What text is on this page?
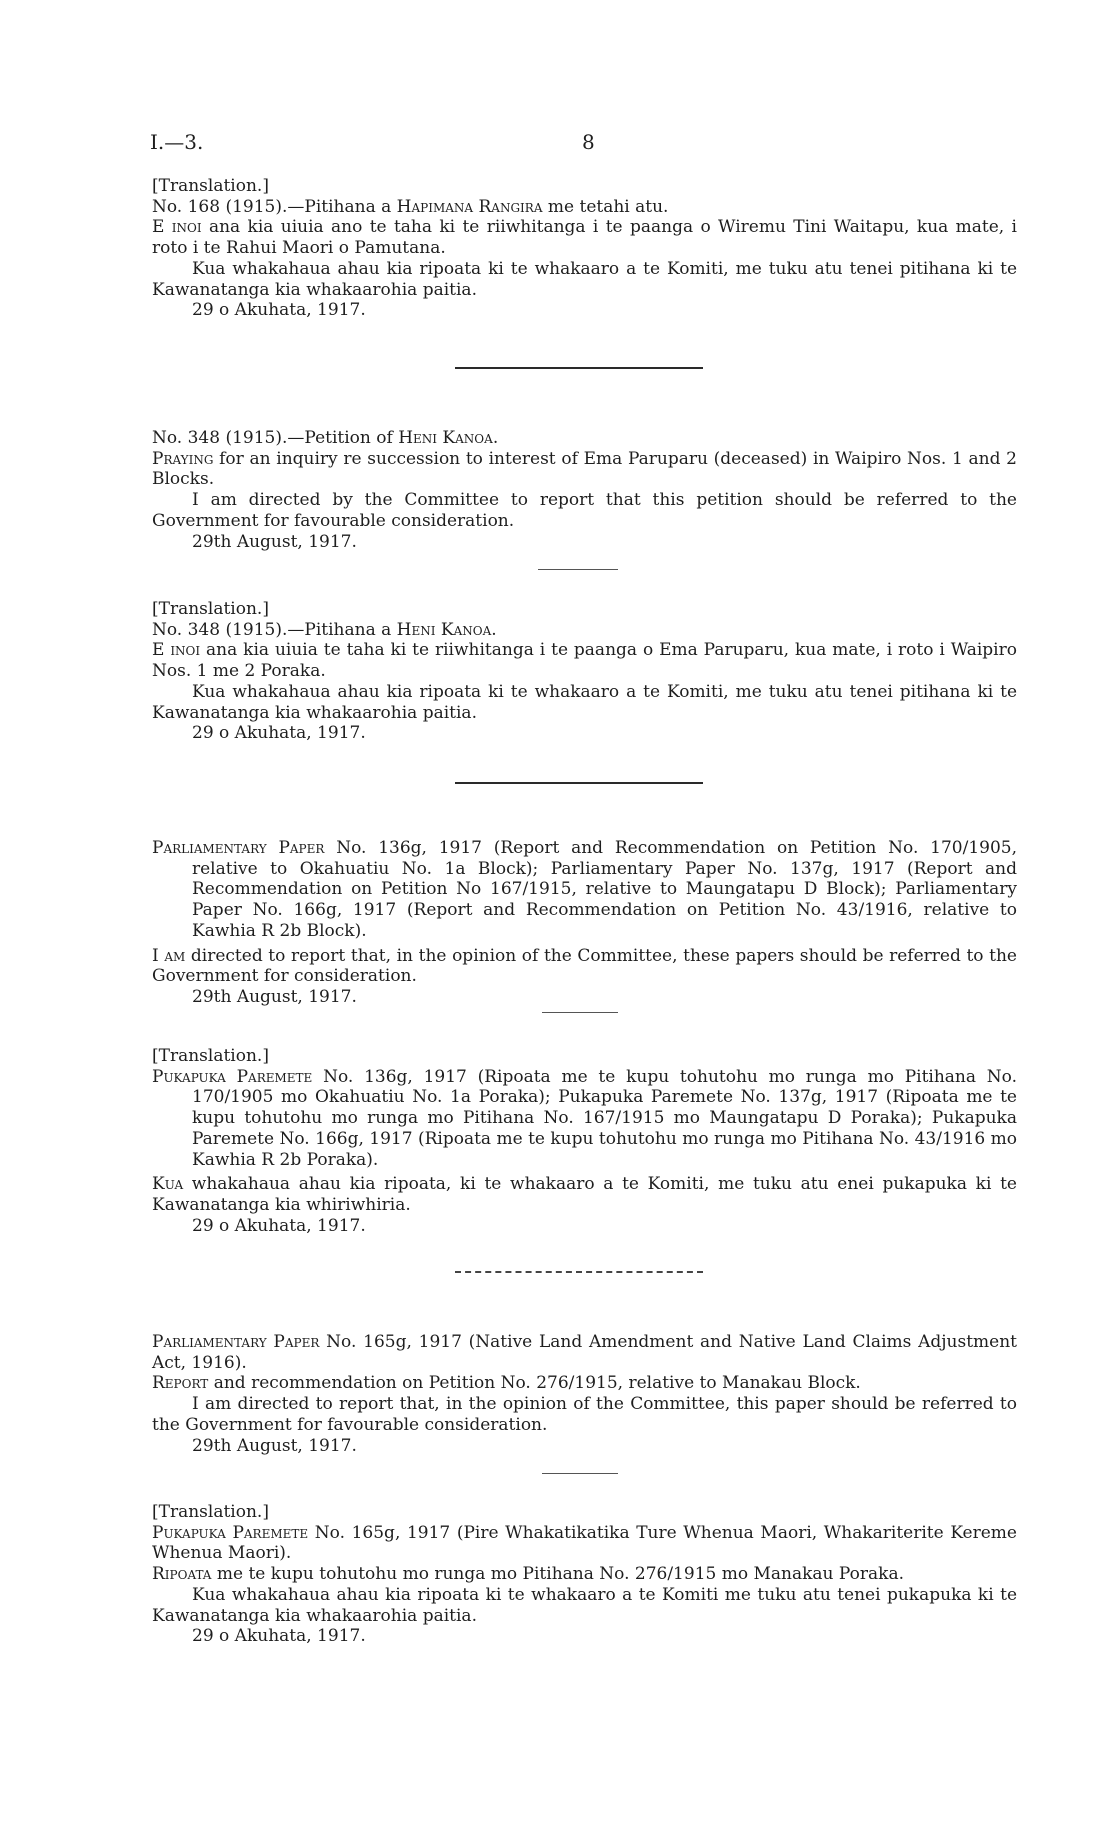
I.—3.	8

[Translation.]

No. 168 (1915).—Pitihana a Hapimana Rangira me tetahi atu.

E inoi ana kia uiuia ano te taha ki te riiwhitanga i te paanga o Wiremu Tini Waitapu, kua mate, i roto i te Rahui Maori o Pamutana.

Kua whakahaua ahau kia ripoata ki te whakaaro a te Komiti, me tuku atu tenei pitihana ki te Kawanatanga kia whakaarohia paitia.

29 o Akuhata, 1917.

No. 348 (1915).—Petition of Heni Kanoa.

Praying for an inquiry re succession to interest of Ema Paruparu (deceased) in Waipiro Nos. 1 and 2 Blocks.

I am directed by the Committee to report that this petition should be referred to the Government for favourable consideration.

29th August, 1917.

[Translation.]

No. 348 (1915).—Pitihana a Heni Kanoa.

E inoi ana kia uiuia te taha ki te riiwhitanga i te paanga o Ema Paruparu, kua mate, i roto i Waipiro Nos. 1 me 2 Poraka.

Kua whakahaua ahau kia ripoata ki te whakaaro a te Komiti, me tuku atu tenei pitihana ki te Kawanatanga kia whakaarohia paitia.

29 o Akuhata, 1917.

Parliamentary Paper No. 136g, 1917 (Report and Recommendation on Petition No. 170/1905, relative to Okahuatiu No. 1a Block); Parliamentary Paper No. 137g, 1917 (Report and Recommendation on Petition No 167/1915, relative to Maungatapu D Block); Parliamentary Paper No. 166g, 1917 (Report and Recommendation on Petition No. 43/1916, relative to Kawhia R 2b Block).

I am directed to report that, in the opinion of the Committee, these papers should be referred to the Government for consideration.

29th August, 1917.

[Translation.]

Pukapuka Paremete No. 136g, 1917 (Ripoata me te kupu tohutohu mo runga mo Pitihana No. 170/1905 mo Okahuatiu No. 1a Poraka); Pukapuka Paremete No. 137g, 1917 (Ripoata me te kupu tohutohu mo runga mo Pitihana No. 167/1915 mo Maungatapu D Poraka); Pukapuka Paremete No. 166g, 1917 (Ripoata me te kupu tohutohu mo runga mo Pitihana No. 43/1916 mo Kawhia R 2b Poraka).

Kua whakahaua ahau kia ripoata, ki te whakaaro a te Komiti, me tuku atu enei pukapuka ki te Kawanatanga kia whiriwhiria.

29 o Akuhata, 1917.

Parliamentary Paper No. 165g, 1917 (Native Land Amendment and Native Land Claims Adjustment Act, 1916).

Report and recommendation on Petition No. 276/1915, relative to Manakau Block.

I am directed to report that, in the opinion of the Committee, this paper should be referred to the Government for favourable consideration.

29th August, 1917.

[Translation.]

Pukapuka Paremete No. 165g, 1917 (Pire Whakatikatika Ture Whenua Maori, Whakariterite Kereme Whenua Maori).

Ripoata me te kupu tohutohu mo runga mo Pitihana No. 276/1915 mo Manakau Poraka.

Kua whakahaua ahau kia ripoata ki te whakaaro a te Komiti me tuku atu tenei pukapuka ki te Kawanatanga kia whakaarohia paitia.

29 o Akuhata, 1917.
